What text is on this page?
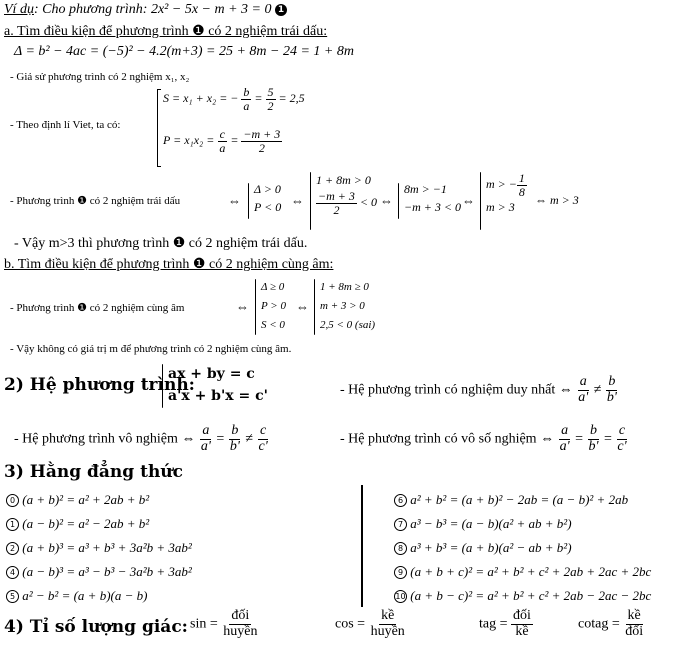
Ví dụ: Cho phương trình: 2x² − 5x − m + 3 = 0 1
a. Tìm điều kiện để phương trình ❶ có 2 nghiệm trái dấu:
Δ = b² − 4ac = (−5)² − 4.2(m+3) = 25 + 8m − 24 = 1 + 8m
- Giả sử phương trình có 2 nghiệm x₁, x₂
- Theo định lí Viet, ta có:
S = x₁ + x₂ = − $\frac{b}{a} = \frac{5}{2} = 2,5$
$P = x_1x_2 = \frac{c}{a} = \frac{-m + 3}{2}$
- Phương trình ❶ có 2 nghiệm trái dấu	⇔
Δ > 0
P < 0 ⇔
1 + 8m > 0
$\frac{-m + 3}{2} < 0$ ⇔
8m > −1
−m + 3 < 0 ⇔
m > − $\frac{1}{8}$
m > 3
⇔ m > 3
- Vậy m>3 thì phương trình ❶ có 2 nghiệm trái dấu.
b. Tìm điều kiện để phương trình ❶ có 2 nghiệm cùng âm:
- Phương trình ❶ có 2 nghiệm cùng âm	⇔
Δ ≥ 0
P > 0
S < 0
⇔
1 + 8m ≥ 0
m + 3 > 0
2,5 < 0 (sai)
- Vậy không có giá trị m để phương trình có 2 nghiệm cùng âm.
2) Hệ phương trình:
ax + by = c
a'x + b'x = c'	- Hệ phương trình có nghiệm duy nhất ⇔ $\frac{a}{a'} \ne \frac{b}{b'}$
- Hệ phương trình vô nghiệm ⇔ $\frac{a}{a'} = \frac{b}{b'} \ne \frac{c}{c'}$	- Hệ phương trình có vô số nghiệm ⇔ $\frac{a}{a'} = \frac{b}{b'} = \frac{c}{c'}$
3) Hằng đẳng thức
0 (a + b)² = a² + 2ab + b²
1 (a − b)² = a² − 2ab + b²
2 (a + b)³ = a³ + b³ + 3a²b + 3ab²
4 (a − b)³ = a³ − b³ − 3a²b + 3ab²
5 a² − b² = (a + b)(a − b)
6 a² + b² = (a + b)² − 2ab = (a − b)² + 2ab
7 a³ − b³ = (a − b)(a² + ab + b²)
8 a³ + b³ = (a + b)(a² − ab + b²)
9 (a + b + c)² = a² + b² + c² + 2ab + 2ac + 2bc
10 (a + b − c)² = a² + b² + c² + 2ab − 2ac − 2bc
4) Tỉ số lượng giác: $\sin = \frac{\text{đối}}{\text{huyền}}$	$\cos = \frac{\text{kề}}{\text{huyền}}$	tag = $\frac{\text{đối}}{\text{kề}}$	cotag = $\frac{\text{kề}}{\text{đối}}$
